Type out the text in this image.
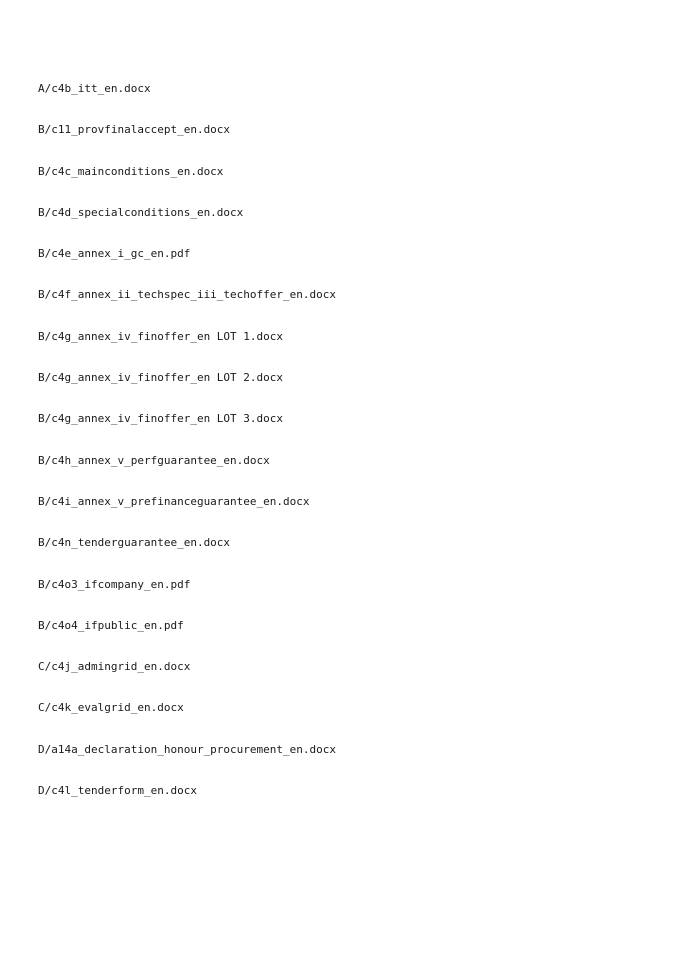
A/c4b_itt_en.docx
B/c11_provfinalaccept_en.docx
B/c4c_mainconditions_en.docx
B/c4d_specialconditions_en.docx
B/c4e_annex_i_gc_en.pdf
B/c4f_annex_ii_techspec_iii_techoffer_en.docx
B/c4g_annex_iv_finoffer_en LOT 1.docx
B/c4g_annex_iv_finoffer_en LOT 2.docx
B/c4g_annex_iv_finoffer_en LOT 3.docx
B/c4h_annex_v_perfguarantee_en.docx
B/c4i_annex_v_prefinanceguarantee_en.docx
B/c4n_tenderguarantee_en.docx
B/c4o3_ifcompany_en.pdf
B/c4o4_ifpublic_en.pdf
C/c4j_admingrid_en.docx
C/c4k_evalgrid_en.docx
D/a14a_declaration_honour_procurement_en.docx
D/c4l_tenderform_en.docx
